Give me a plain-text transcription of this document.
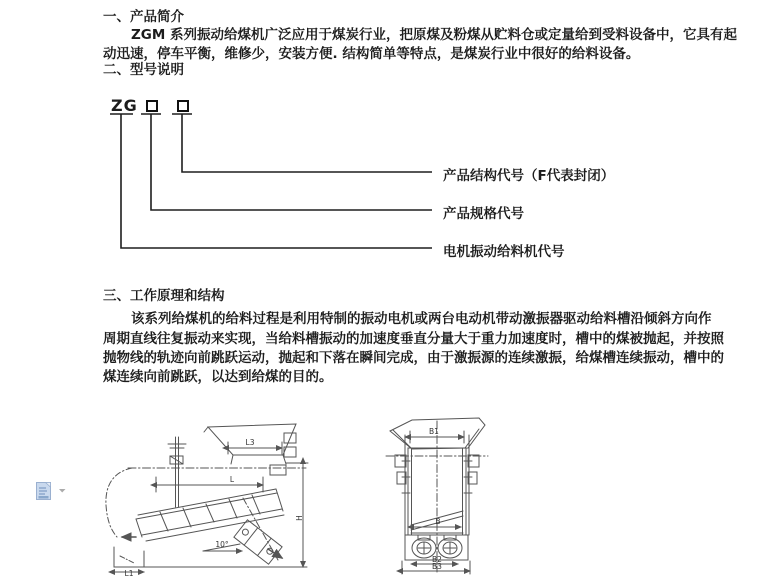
一、产品简介
ZGM 系列振动给煤机广泛应用于煤炭行业，把原煤及粉煤从贮料仓或定量给到受料设备中，它具有起
动迅速，停车平衡，维修少，安装方便. 结构简单等特点，是煤炭行业中很好的给料设备。
二、型号说明
ZG
产品结构代号（F代表封闭）
产品规格代号
电机振动给料机代号
三、工作原理和结构
该系列给煤机的给料过程是利用特制的振动电机或两台电动机带动激振器驱动给料槽沿倾斜方向作
周期直线往复振动来实现，当给料槽振动的加速度垂直分量大于重力加速度时，槽中的煤被抛起，并按照
抛物线的轨迹向前跳跃运动，抛起和下落在瞬间完成，由于激振源的连续激振，给煤槽连续振动，槽中的
煤连续向前跳跃，以达到给煤的目的。
L3
L
10°
H
L1
B1
B
B2
B3
